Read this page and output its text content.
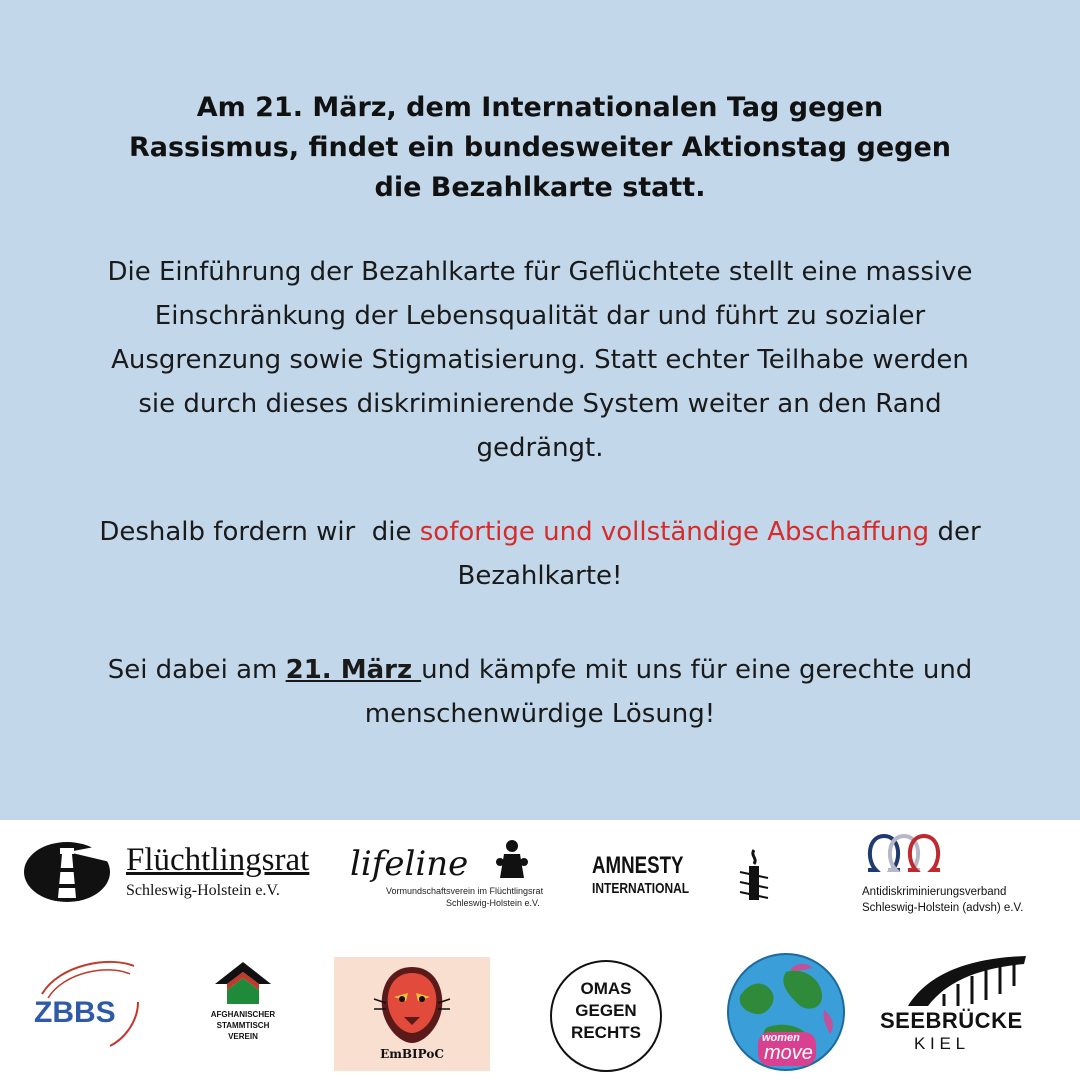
Am 21. März, dem Internationalen Tag gegen
Rassismus, findet ein bundesweiter Aktionstag gegen
die Bezahlkarte statt.
Die Einführung der Bezahlkarte für Geflüchtete stellt eine massive
Einschränkung der Lebensqualität dar und führt zu sozialer
Ausgrenzung sowie Stigmatisierung. Statt echter Teilhabe werden
sie durch dieses diskriminierende System weiter an den Rand
gedrängt.
Deshalb fordern wir  die sofortige und vollständige Abschaffung der
Bezahlkarte!
Sei dabei am 21. März und kämpfe mit uns für eine gerechte und
menschenwürdige Lösung!
Flüchtlingsrat
Schleswig-Holstein e.V.
lifeline
Vormundschaftsverein im Flüchtlingsrat
Schleswig-Holstein e.V.
AMNESTY
INTERNATIONAL	Antidiskriminierungsverband
Schleswig-Holstein (advsh) e.V.
ZBBS	AFGHANISCHER
STAMMTISCH
VEREIN
EmBIPoC
OMAS
GEGEN
RECHTS	women
move
SEEBRÜCKE
K I E L
